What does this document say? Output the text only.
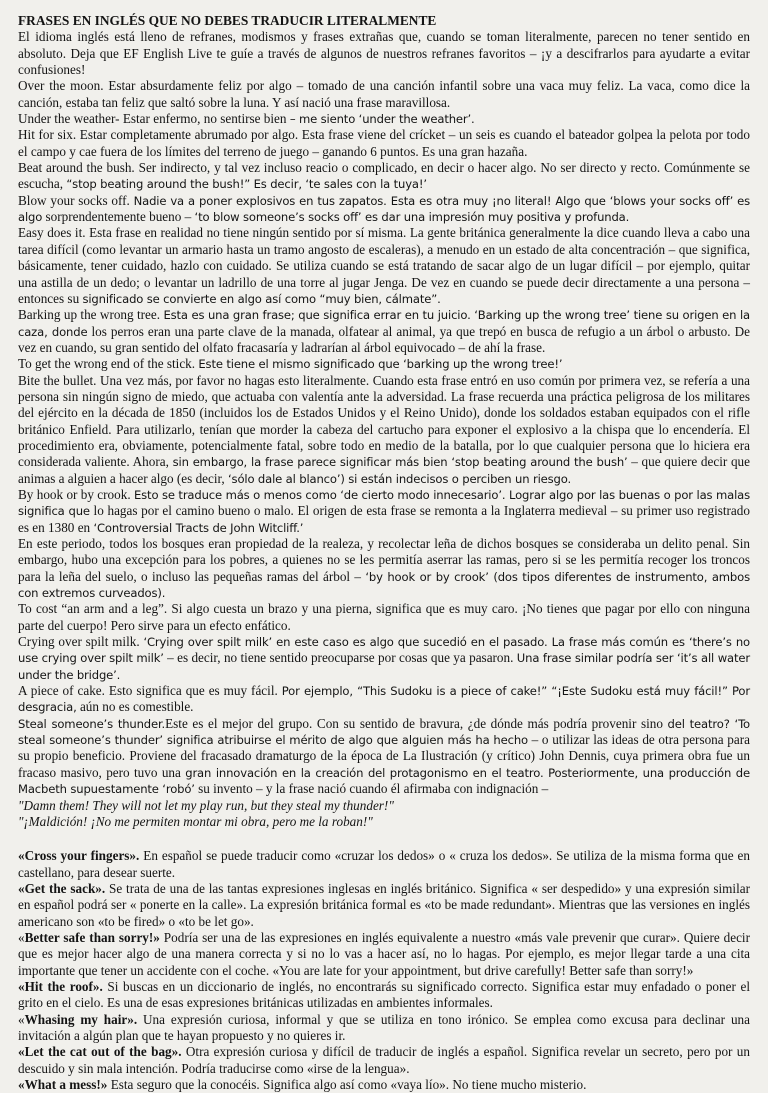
FRASES EN INGLÉS QUE NO DEBES TRADUCIR LITERALMENTE

El idioma inglés está lleno de refranes, modismos y frases extrañas que, cuando se toman literalmente, parecen no tener sentido en absoluto. Deja que EF English Live te guíe a través de algunos de nuestros refranes favoritos – ¡y a descifrarlos para ayudarte a evitar confusiones!

Over the moon. Estar absurdamente feliz por algo – tomado de una canción infantil sobre una vaca muy feliz. La vaca, como dice la canción, estaba tan feliz que saltó sobre la luna. Y así nació una frase maravillosa.

Under the weather- Estar enfermo, no sentirse bien – me siento ‘under the weather’.

Hit for six. Estar completamente abrumado por algo. Esta frase viene del crícket – un seis es cuando el bateador golpea la pelota por todo el campo y cae fuera de los límites del terreno de juego – ganando 6 puntos. Es una gran hazaña.

Beat around the bush. Ser indirecto, y tal vez incluso reacio o complicado, en decir o hacer algo. No ser directo y recto. Comúnmente se escucha, “stop beating around the bush!” Es decir, ‘te sales con la tuya!’

Blow your socks off. Nadie va a poner explosivos en tus zapatos. Esta es otra muy ¡no literal! Algo que ‘blows your socks off’ es algo sorprendentemente bueno – ‘to blow someone’s socks off’ es dar una impresión muy positiva y profunda.

Easy does it. Esta frase en realidad no tiene ningún sentido por sí misma. La gente británica generalmente la dice cuando lleva a cabo una tarea difícil (como levantar un armario hasta un tramo angosto de escaleras), a menudo en un estado de alta concentración – que significa, básicamente, tener cuidado, hazlo con cuidado. Se utiliza cuando se está tratando de sacar algo de un lugar difícil – por ejemplo, quitar una astilla de un dedo; o levantar un ladrillo de una torre al jugar Jenga. De vez en cuando se puede decir directamente a una persona – entonces su significado se convierte en algo así como “muy bien, cálmate”.

Barking up the wrong tree. Esta es una gran frase; que significa errar en tu juicio. ‘Barking up the wrong tree’ tiene su origen en la caza, donde los perros eran una parte clave de la manada, olfatear al animal, ya que trepó en busca de refugio a un árbol o arbusto. De vez en cuando, su gran sentido del olfato fracasaría y ladrarían al árbol equivocado – de ahí la frase.

To get the wrong end of the stick. Este tiene el mismo significado que ‘barking up the wrong tree!’

Bite the bullet. Una vez más, por favor no hagas esto literalmente. Cuando esta frase entró en uso común por primera vez, se refería a una persona sin ningún signo de miedo, que actuaba con valentía ante la adversidad. La frase recuerda una práctica peligrosa de los militares del ejército en la década de 1850 (incluidos los de Estados Unidos y el Reino Unido), donde los soldados estaban equipados con el rifle británico Enfield. Para utilizarlo, tenían que morder la cabeza del cartucho para exponer el explosivo a la chispa que lo encendería. El procedimiento era, obviamente, potencialmente fatal, sobre todo en medio de la batalla, por lo que cualquier persona que lo hiciera era considerada valiente. Ahora, sin embargo, la frase parece significar más bien ‘stop beating around the bush’ – que quiere decir que animas a alguien a hacer algo (es decir, ‘sólo dale al blanco’) si están indecisos o perciben un riesgo.

By hook or by crook. Esto se traduce más o menos como ‘de cierto modo innecesario’. Lograr algo por las buenas o por las malas significa que lo hagas por el camino bueno o malo. El origen de esta frase se remonta a la Inglaterra medieval – su primer uso registrado es en 1380 en ‘Controversial Tracts de John Witcliff.’

En este periodo, todos los bosques eran propiedad de la realeza, y recolectar leña de dichos bosques se consideraba un delito penal. Sin embargo, hubo una excepción para los pobres, a quienes no se les permitía aserrar las ramas, pero si se les permitía recoger los troncos para la leña del suelo, o incluso las pequeñas ramas del árbol – ‘by hook or by crook’ (dos tipos diferentes de instrumento, ambos con extremos curveados).

To cost “an arm and a leg”. Si algo cuesta un brazo y una pierna, significa que es muy caro. ¡No tienes que pagar por ello con ninguna parte del cuerpo! Pero sirve para un efecto enfático.

Crying over spilt milk. ‘Crying over spilt milk’ en este caso es algo que sucedió en el pasado. La frase más común es ‘there’s no use crying over spilt milk’ – es decir, no tiene sentido preocuparse por cosas que ya pasaron. Una frase similar podría ser ‘it’s all water under the bridge’.

A piece of cake. Esto significa que es muy fácil. Por ejemplo, “This Sudoku is a piece of cake!” “¡Este Sudoku está muy fácil!” Por desgracia, aún no es comestible.

Steal someone’s thunder.Este es el mejor del grupo. Con su sentido de bravura, ¿de dónde más podría provenir sino del teatro? ‘To steal someone’s thunder’ significa atribuirse el mérito de algo que alguien más ha hecho – o utilizar las ideas de otra persona para su propio beneficio. Proviene del fracasado dramaturgo de la época de La Ilustración (y crítico) John Dennis, cuya primera obra fue un fracaso masivo, pero tuvo una gran innovación en la creación del protagonismo en el teatro. Posteriormente, una producción de Macbeth supuestamente ‘robó’ su invento – y la frase nació cuando él afirmaba con indignación –

"Damn them! They will not let my play run, but they steal my thunder!"

"¡Maldición! ¡No me permiten montar mi obra, pero me la roban!"

«Cross your fingers». En español se puede traducir como «cruzar los dedos» o « cruza los dedos». Se utiliza de la misma forma que en castellano, para desear suerte.

«Get the sack». Se trata de una de las tantas expresiones inglesas en inglés británico. Significa « ser despedido» y una expresión similar en español podrá ser « ponerte en la calle». La expresión británica formal es «to be made redundant». Mientras que las versiones en inglés americano son «to be fired» o «to be let go».

«Better safe than sorry!» Podría ser una de las expresiones en inglés equivalente a nuestro «más vale prevenir que curar». Quiere decir que es mejor hacer algo de una manera correcta y si no lo vas a hacer así, no lo hagas. Por ejemplo, es mejor llegar tarde a una cita importante que tener un accidente con el coche. «You are late for your appointment, but drive carefully! Better safe than sorry!»

«Hit the roof». Si buscas en un diccionario de inglés, no encontrarás su significado correcto. Significa estar muy enfadado o poner el grito en el cielo. Es una de esas expresiones británicas utilizadas en ambientes informales.

«Whasing my hair». Una expresión curiosa, informal y que se utiliza en tono irónico. Se emplea como excusa para declinar una invitación a algún plan que te hayan propuesto y no quieres ir.

«Let the cat out of the bag». Otra expresión curiosa y difícil de traducir de inglés a español. Significa revelar un secreto, pero por un descuido y sin mala intención. Podría traducirse como «irse de la lengua».

«What a mess!» Esta seguro que la conocéis. Significa algo así como «vaya lío». No tiene mucho misterio.
